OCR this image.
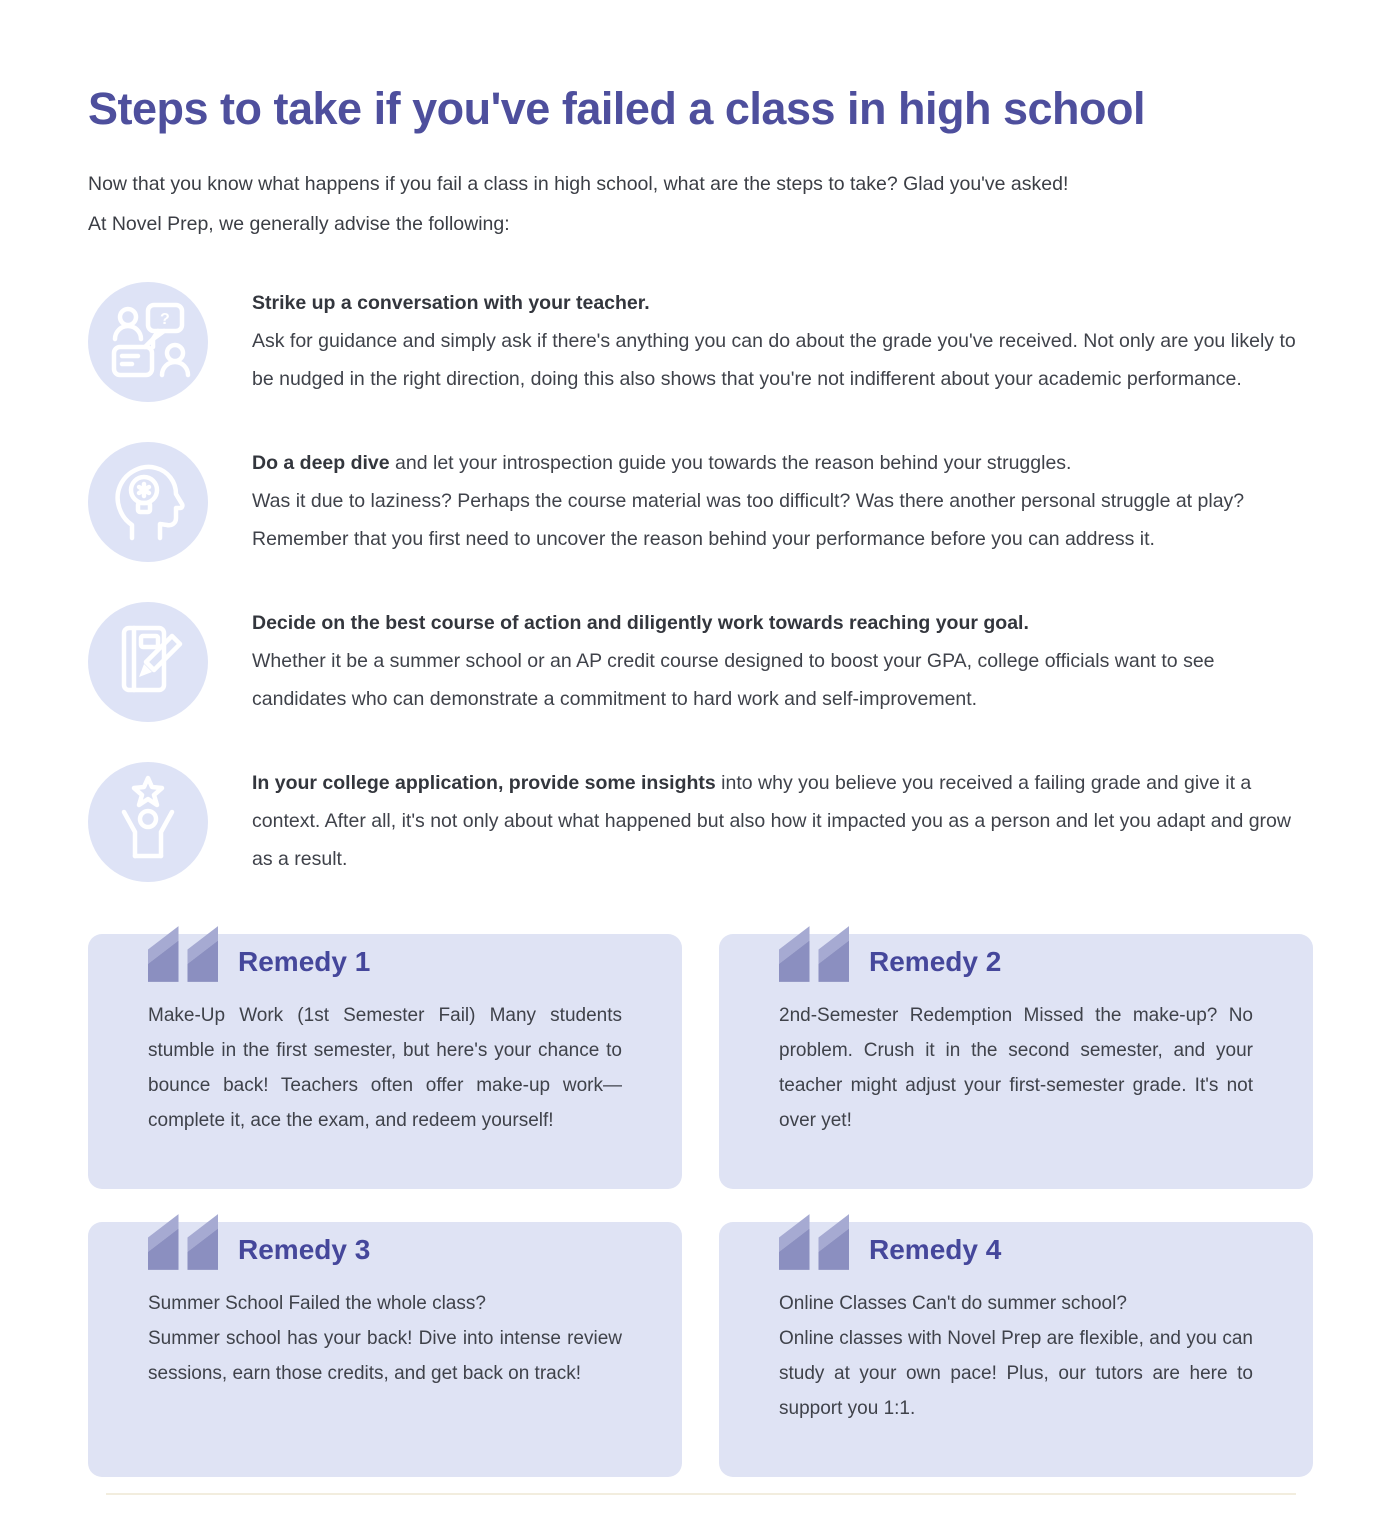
Steps to take if you've failed a class in high school

Now that you know what happens if you fail a class in high school, what are the steps to take? Glad you've asked!

At Novel Prep, we generally advise the following:

?

Strike up a conversation with your teacher.

Ask for guidance and simply ask if there's anything you can do about the grade you've received. Not only are you likely to be nudged in the right direction, doing this also shows that you're not indifferent about your academic performance.

Do a deep dive and let your introspection guide you towards the reason behind your struggles.

Was it due to laziness? Perhaps the course material was too difficult? Was there another personal struggle at play? Remember that you first need to uncover the reason behind your performance before you can address it.

Decide on the best course of action and diligently work towards reaching your goal.

Whether it be a summer school or an AP credit course designed to boost your GPA, college officials want to see candidates who can demonstrate a commitment to hard work and self-improvement.

In your college application, provide some insights into why you believe you received a failing grade and give it a context. After all, it's not only about what happened but also how it impacted you as a person and let you adapt and grow as a result.

Remedy 1

Make-Up Work (1st Semester Fail) Many students stumble in the first semester, but here's your chance to bounce back! Teachers often offer make-up work—complete it, ace the exam, and redeem yourself!

Remedy 2

2nd-Semester Redemption Missed the make-up? No problem. Crush it in the second semester, and your teacher might adjust your first-semester grade. It's not over yet!

Remedy 3

Summer School Failed the whole class?

Summer school has your back! Dive into intense review sessions, earn those credits, and get back on track!

Remedy 4

Online Classes Can't do summer school?

Online classes with Novel Prep are flexible, and you can study at your own pace! Plus, our tutors are here to support you 1:1.
